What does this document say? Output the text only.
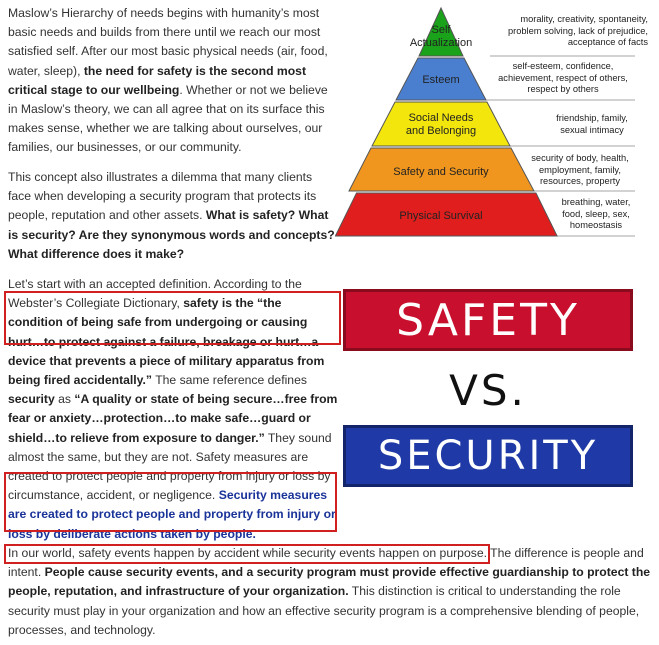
Maslow’s Hierarchy of needs begins with humanity’s most basic needs and builds from there until we reach our most satisfied self. After our most basic physical needs (air, food, water, sleep), the need for safety is the second most critical stage to our wellbeing. Whether or not we believe in Maslow’s theory, we can all agree that on its surface this makes sense, whether we are talking about ourselves, our families, our businesses, or our community.

This concept also illustrates a dilemma that many clients face when developing a security program that protects its people, reputation and other assets. What is safety? What is security? Are they synonymous words and concepts? What difference does it make?

Let’s start with an accepted definition. According to the Webster’s Collegiate Dictionary, safety is the “the condition of being safe from undergoing or causing hurt…to protect against a failure, breakage or hurt…a device that prevents a piece of military apparatus from being fired accidentally.” The same reference defines security as “A quality or state of being secure…free from fear or anxiety…protection…to make safe…guard or shield…to relieve from exposure to danger.” They sound almost the same, but they are not. Safety measures are created to protect people and property from injury or loss by circumstance, accident, or negligence. Security measures are created to protect people and property from injury or loss by deliberate actions taken by people.

In our world, safety events happen by accident while security events happen on purpose. The difference is people and intent. People cause security events, and a security program must provide effective guardianship to protect the people, reputation, and infrastructure of your organization. This distinction is critical to understanding the role security must play in your organization and how an effective security program is a comprehensive blending of people, processes, and technology.
Self Actualization
Esteem
Social Needs and Belonging
Safety and Security
Physical Survival
morality, creativity, spontaneity, problem solving, lack of prejudice, acceptance of facts
self-esteem, confidence, achievement, respect of others, respect by others
friendship, family, sexual intimacy
security of body, health, employment, family, resources, property
breathing, water, food, sleep, sex, homeostasis
SAFETY
VS.
SECURITY
